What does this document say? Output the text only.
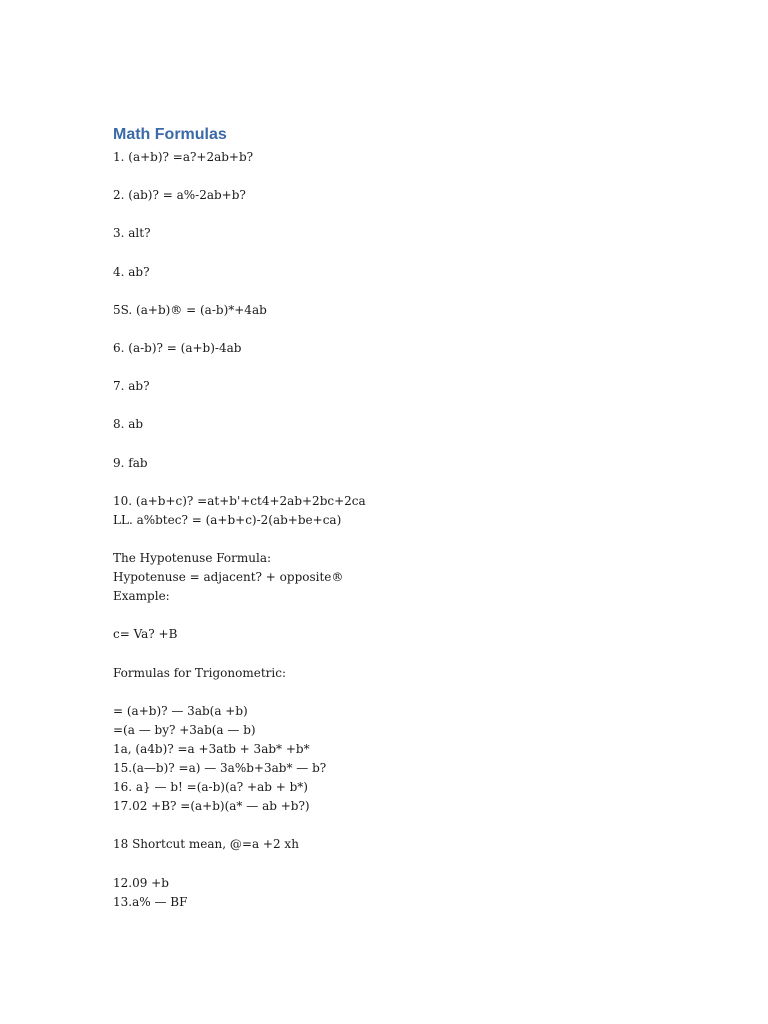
Math Formulas
1. (a+b)? =a?+2ab+b?
2. (ab)? = a%-2ab+b?
3. alt?
4. ab?
5S. (a+b)® = (a-b)*+4ab
6. (a-b)? = (a+b)-4ab
7. ab?
8. ab
9. fab
10. (a+b+c)? =at+b'+ct4+2ab+2bc+2ca
LL. a%btec? = (a+b+c)-2(ab+be+ca)
The Hypotenuse Formula:
Hypotenuse = adjacent? + opposite®
Example:
c= Va? +B
Formulas for Trigonometric:
= (a+b)? — 3ab(a +b)
=(a — by? +3ab(a — b)
1a, (a4b)? =a +3atb + 3ab* +b*
15.(a—b)? =a) — 3a%b+3ab* — b?
16. a} — b! =(a-b)(a? +ab + b*)
17.02 +B? =(a+b)(a* — ab +b?)
18 Shortcut mean, @=a +2 xh
12.09 +b
13.a% — BF
